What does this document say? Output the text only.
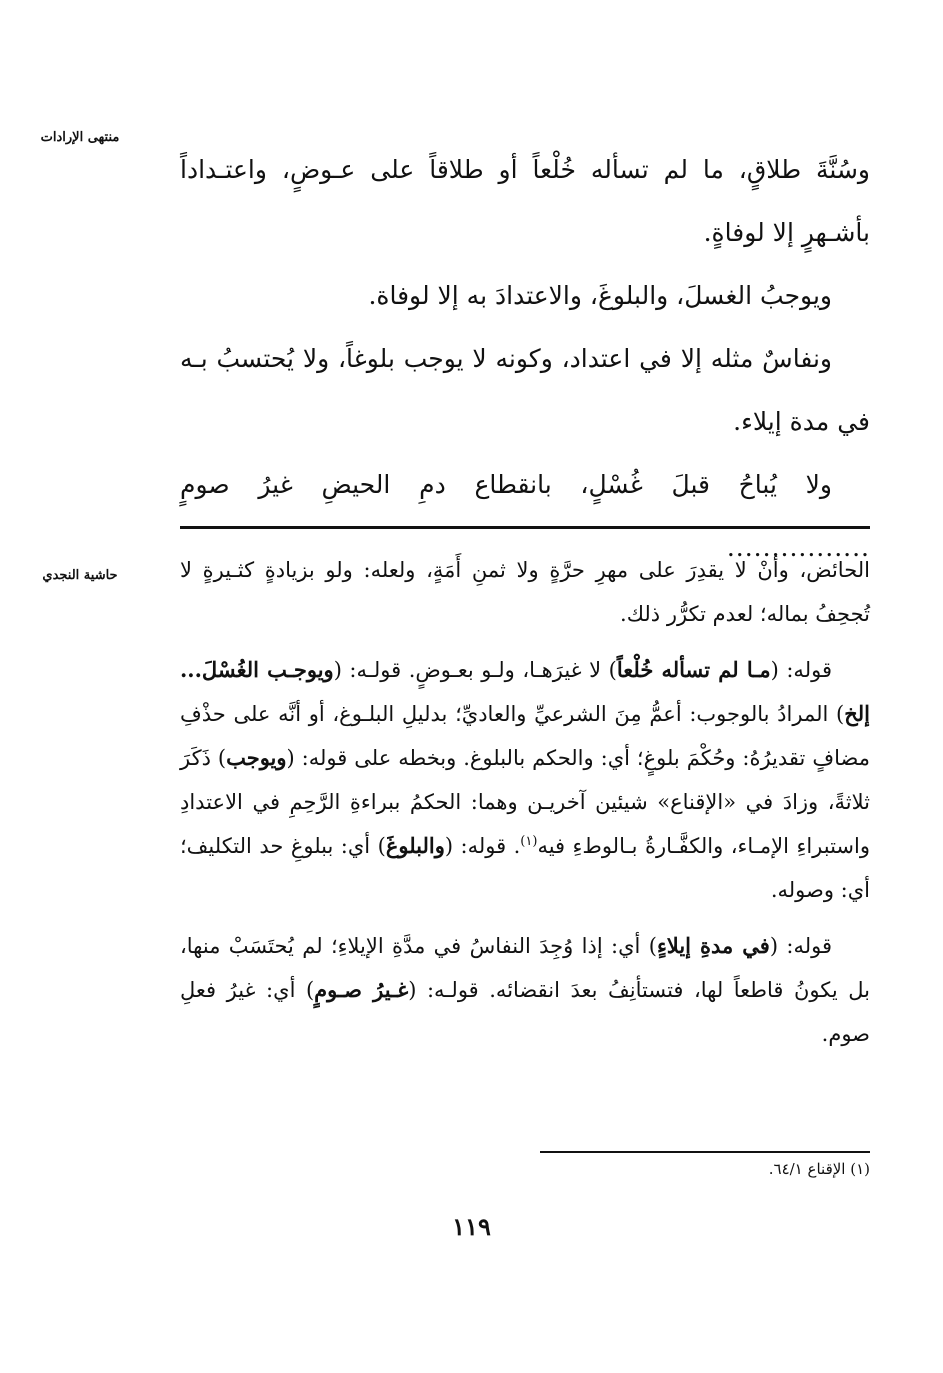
منتهى الإرادات
حاشية النجدي

وسُنَّةَ طلاقٍ، ما لم تسأله خُلْعاً أو طلاقاً على عـوضٍ، واعتـداداً بأشـهرٍ إلا لوفاةٍ.

ويوجبُ الغسلَ، والبلوغَ، والاعتدادَ به إلا لوفاة.

ونفاسٌ مثله إلا في اعتداد، وكونه لا يوجب بلوغاً، ولا يُحتسبُ بـه في مدة إيلاء.

ولا يُباحُ قبلَ غُسْلٍ، بانقطاع دمِ الحيضِ غيرُ صومٍ ................

الحائض، وأنْ لا يقدِرَ على مهرِ حرَّةٍ ولا ثمنِ أَمَةٍ، ولعله: ولو بزيادةٍ كثـيرةٍ لا تُجحِفُ بماله؛ لعدم تكرُّر ذلك.

قوله: (مـا لم تسأله خُلْعاً) لا غيرَهـا، ولـو بعـوضٍ. قولـه: (ويوجـب الغُسْلَ... إلخ) المرادُ بالوجوب: أعمُّ مِنَ الشرعيِّ والعاديِّ؛ بدليلِ البلـوغ، أو أنَّه على حذْفِ مضافٍ تقديرُهُ: وحُكْمَ بلوغٍ؛ أي: والحكم بالبلوغ. وبخطه على قوله: (ويوجب) ذَكَرَ ثلاثةً، وزادَ في «الإقناع» شيئين آخريـن وهما: الحكمُ ببراءةِ الرَّحِمِ في الاعتدادِ واستبراءِ الإمـاء، والكفَّـارةُ بـالوطءِ فيه$^{(١)}$. قوله: (والبلوغَ) أي: ببلوغِ حد التكليف؛ أي: وصوله.

قوله: (في مدةِ إيلاءٍ) أي: إذا وُجِدَ النفاسُ في مدَّةِ الإيلاءِ؛ لم يُحتَسَبْ منها، بل يكونُ قاطعاً لها، فتستأنِفُ بعدَ انقضائه. قولـه: (غـيرُ صـومٍ) أي: غيرُ فعلِ صوم.

(١) الإقناع ٦٤/١.
١١٩
